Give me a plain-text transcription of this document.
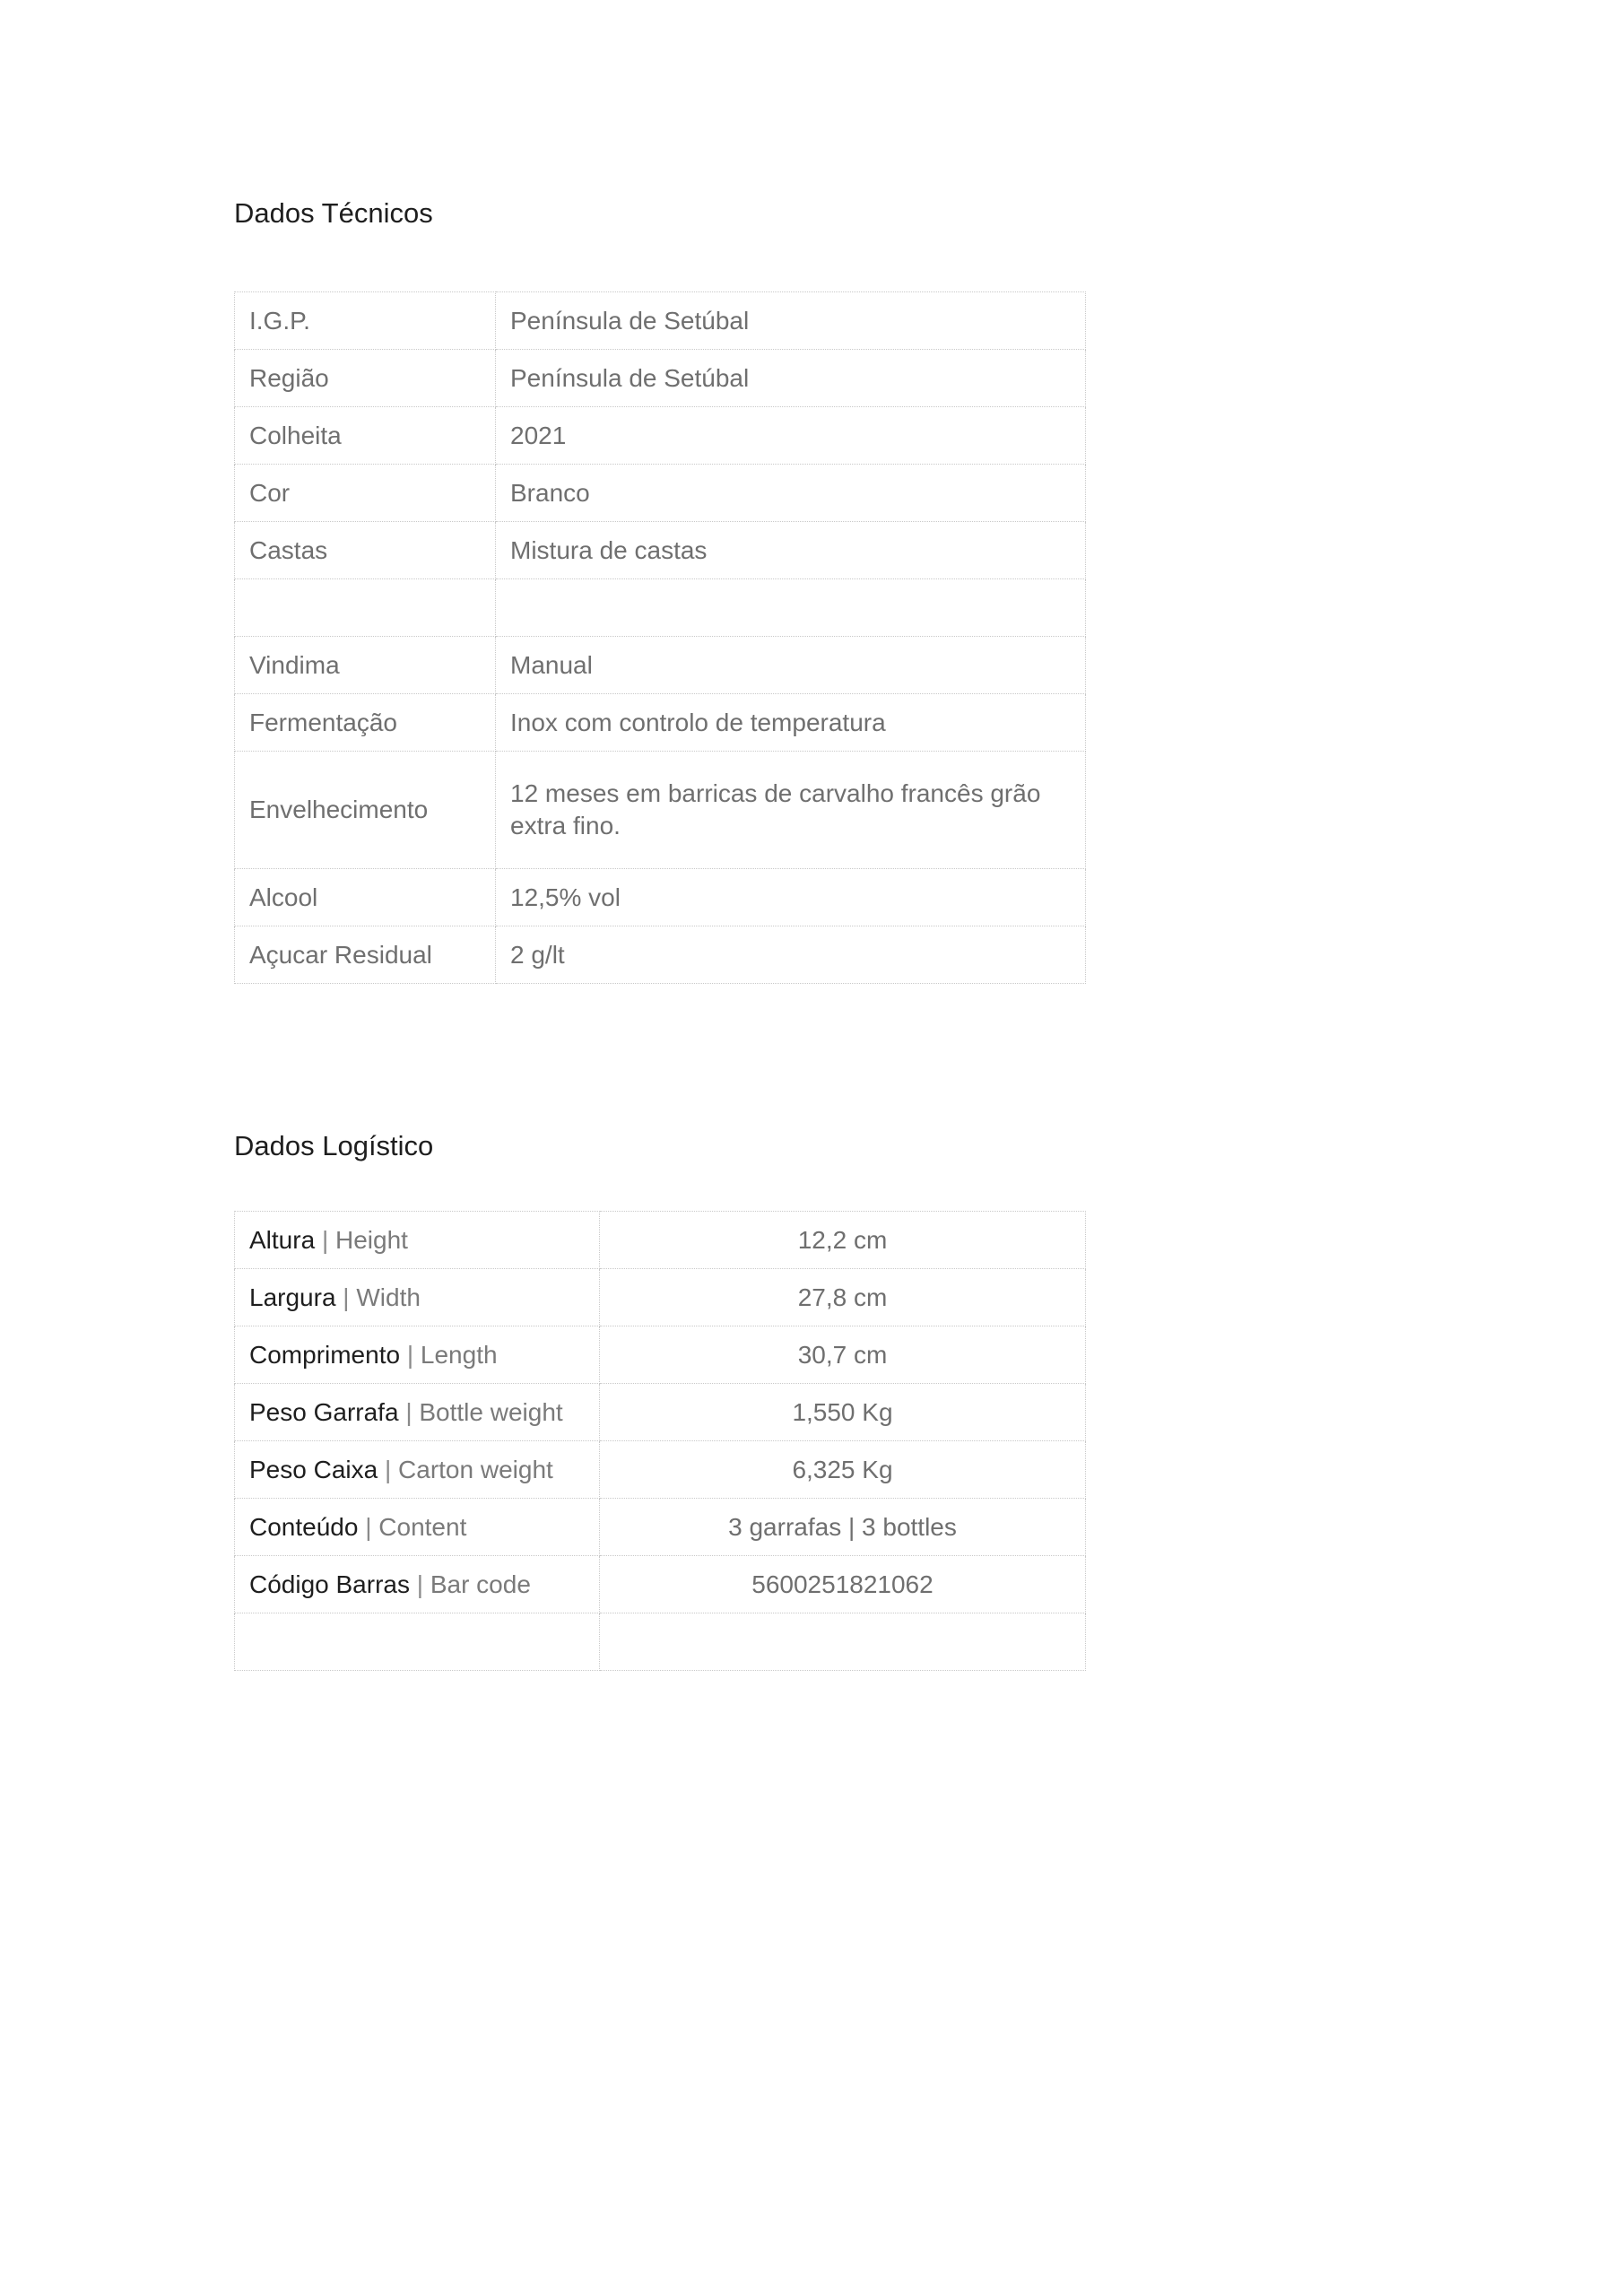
Dados Técnicos
I.G.P.	Península de Setúbal
Região	Península de Setúbal
Colheita	2021
Cor	Branco
Castas	Mistura de castas

Vindima	Manual
Fermentação	Inox com controlo de temperatura
Envelhecimento	12 meses em barricas de carvalho francês grão extra fino.
Alcool	12,5% vol
Açucar Residual	2 g/lt
Dados Logístico
Altura | Height	12,2 cm
Largura | Width	27,8 cm
Comprimento | Length	30,7 cm
Peso Garrafa | Bottle weight	1,550 Kg
Peso Caixa | Carton weight	6,325 Kg
Conteúdo | Content	3 garrafas | 3 bottles
Código Barras | Bar code	5600251821062
